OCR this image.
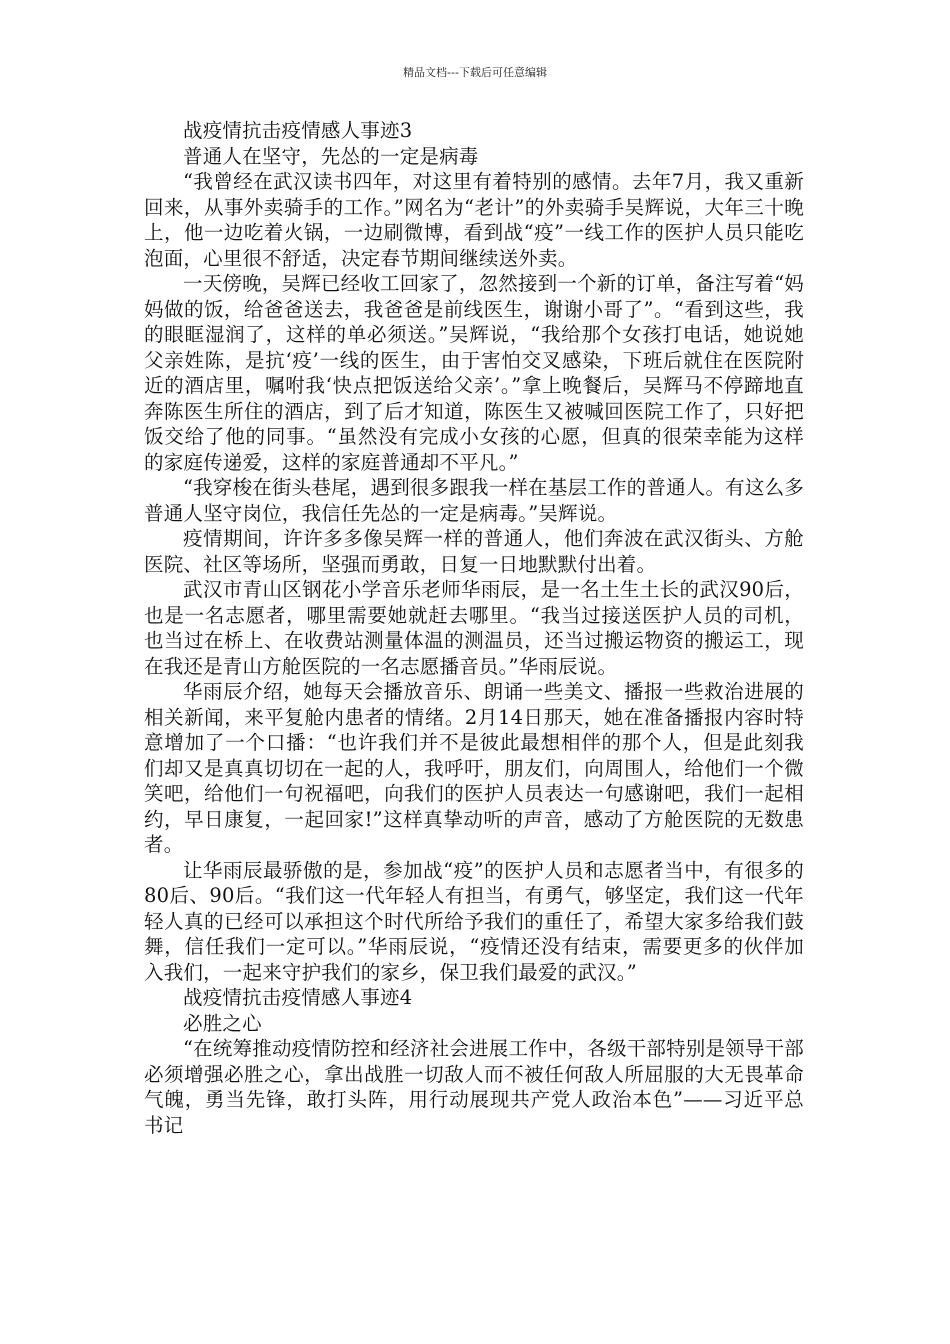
精品文档---下载后可任意编辑

战疫情抗击疫情感人事迹3

普通人在坚守，先怂的一定是病毒

“我曾经在武汉读书四年，对这里有着特别的感情。去年7月，我又重新回来，从事外卖骑手的工作。”网名为“老计”的外卖骑手吴辉说，大年三十晚上，他一边吃着火锅，一边刷微博，看到战“疫”一线工作的医护人员只能吃泡面，心里很不舒适，决定春节期间继续送外卖。

一天傍晚，吴辉已经收工回家了，忽然接到一个新的订单，备注写着“妈妈做的饭，给爸爸送去，我爸爸是前线医生，谢谢小哥了”。“看到这些，我的眼眶湿润了，这样的单必须送。”吴辉说，“我给那个女孩打电话，她说她父亲姓陈，是抗‘疫’一线的医生，由于害怕交叉感染，下班后就住在医院附近的酒店里，嘱咐我‘快点把饭送给父亲’。”拿上晚餐后，吴辉马不停蹄地直奔陈医生所住的酒店，到了后才知道，陈医生又被喊回医院工作了，只好把饭交给了他的同事。“虽然没有完成小女孩的心愿，但真的很荣幸能为这样的家庭传递爱，这样的家庭普通却不平凡。”

“我穿梭在街头巷尾，遇到很多跟我一样在基层工作的普通人。有这么多普通人坚守岗位，我信任先怂的一定是病毒。”吴辉说。

疫情期间，许许多多像吴辉一样的普通人，他们奔波在武汉街头、方舱医院、社区等场所，坚强而勇敢，日复一日地默默付出着。

武汉市青山区钢花小学音乐老师华雨辰，是一名土生土长的武汉90后，也是一名志愿者，哪里需要她就赶去哪里。“我当过接送医护人员的司机，也当过在桥上、在收费站测量体温的测温员，还当过搬运物资的搬运工，现在我还是青山方舱医院的一名志愿播音员。”华雨辰说。

华雨辰介绍，她每天会播放音乐、朗诵一些美文、播报一些救治进展的相关新闻，来平复舱内患者的情绪。2月14日那天，她在准备播报内容时特意增加了一个口播：“也许我们并不是彼此最想相伴的那个人，但是此刻我们却又是真真切切在一起的人，我呼吁，朋友们，向周围人，给他们一个微笑吧，给他们一句祝福吧，向我们的医护人员表达一句感谢吧，我们一起相约，早日康复，一起回家!”这样真挚动听的声音，感动了方舱医院的无数患者。

让华雨辰最骄傲的是，参加战“疫”的医护人员和志愿者当中，有很多的80后、90后。“我们这一代年轻人有担当，有勇气，够坚定，我们这一代年轻人真的已经可以承担这个时代所给予我们的重任了，希望大家多给我们鼓舞，信任我们一定可以。”华雨辰说，“疫情还没有结束，需要更多的伙伴加入我们，一起来守护我们的家乡，保卫我们最爱的武汉。”

战疫情抗击疫情感人事迹4

必胜之心

“在统筹推动疫情防控和经济社会进展工作中，各级干部特别是领导干部必须增强必胜之心，拿出战胜一切敌人而不被任何敌人所屈服的大无畏革命气魄，勇当先锋，敢打头阵，用行动展现共产党人政治本色”——习近平总书记
